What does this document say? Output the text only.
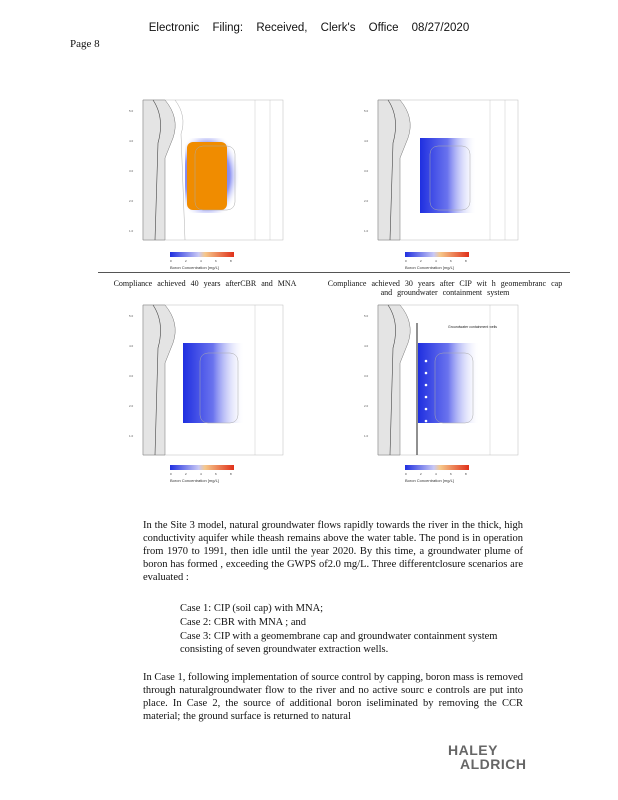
Electronic Filing: Received, Clerk's Office 08/27/2020
Page 8
5.0
4.0
3.0
2.0
1.0
0	2	4	6	8
Boron Concentration [mg/L]
5.0
4.0
3.0
2.0
1.0
0	2	4	6	8
Boron Concentration [mg/L]
Compliance achieved 40 years afterCBR and MNA	Compliance achieved 30 years after CIP wit h geomembranc cap and groundwater containment system
5.0
4.0
3.0
2.0
1.0
0	2	4	6	8
Boron Concentration [mg/L]
Groundwater containment wells
5.0
4.0
3.0
2.0
1.0
0	2	4	6	8
Boron Concentration [mg/L]
In the Site 3 model, natural groundwater flows rapidly towards the river in the thick, high conductivity aquifer while theash remains above the water table. The pond is in operation from 1970 to 1991, then idle until the year 2020. By this time, a groundwater plume of boron has formed , exceeding the GWPS of2.0 mg/L. Three differentclosure scenarios are evaluated :
Case 1: CIP (soil cap) with MNA;
Case 2: CBR with MNA ; and
Case 3: CIP with a geomembrane cap and groundwater containment system consisting of seven groundwater extraction wells.
In Case 1, following implementation of source control by capping, boron mass is removed through naturalgroundwater flow to the river and no active sourc e controls are put into place. In Case 2, the source of additional boron iseliminated by removing the CCR material; the ground surface is returned to natural
HALEY
ALDRICH
